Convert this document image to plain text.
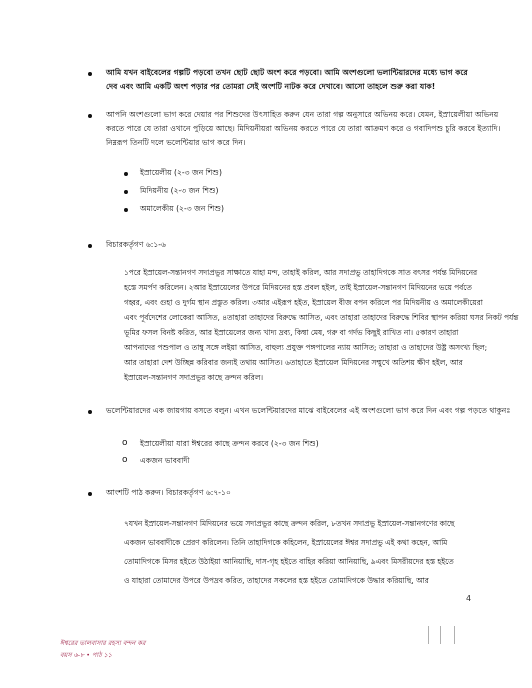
আমি যখন বাইবেলের গল্পটি পড়বো তখন ছোট ছোট অংশ করে পড়বো। আমি অংশগুলো ভলান্টিয়ারদের মধ্যে ভাগ করে
দেব এবং আমি একটি অংশ পড়ার পর তোমরা সেই অংশটি নাটক করে দেখাবে। আসো তাহলে শুরু করা যাক!
আপনি অংশগুলো ভাগ করে দেয়ার পর শিশুদের উৎসাহিত করুন যেন তারা গল্প অনুসারে অভিনয় করে। যেমন, ইস্রায়েলীয়া অভিনয়
করতে পারে যে তারা ওখানে পুড়িয়ে আছে। মিদিয়নীয়রা অভিনয় করতে পারে যে তারা আক্রমণ করে ও গবাদিপশু চুরি করবে ইত্যাদি।
নিম্নরূপ তিনটি দলে ভলেন্টিয়ার ভাগ করে দিন।
ইস্রায়েলীয় (২-৩ জন শিশু)
মিদিয়নীয় (২-৩ জন শিশু)
অমালেকীয় (২-৩ জন শিশু)
বিচারকর্তৃগণ ৬:১-৬
১পরে ইস্রায়েল-সন্তানগণ সদাপ্রভুর সাক্ষাতে যাহা মন্দ, তাহাই করিল, আর সদাপ্রভু তাহাদিগকে সাত বৎসর পর্যন্ত মিদিয়নের
হস্তে সমর্পণ করিলেন। ২আর ইস্রায়েলের উপরে মিদিয়নের হস্ত প্রবল হইল, তাই ইস্রায়েল-সন্তানগণ মিদিয়নের ভয়ে পর্বতে
গহ্বর, এবং গুহা ও দুর্গম স্থান প্রস্তুত করিল। ৩আর এইরূপ হইত, ইস্রায়েল বীজ বপন করিলে পর মিদিয়নীয় ও অমালেকীয়েরা
এবং পূর্বদেশের লোকেরা আসিত, ৪তাহারা তাহাদের বিরুদ্ধে আসিত, এবং তাহারা তাহাদের বিরুদ্ধে শিবির স্থাপন করিয়া ঘসর নিকট পর্যন্ত
ভূমির ফসল বিনষ্ট করিত, আর ইস্রায়েলের জন্য খাদ্য দ্রব্য, কিম্বা মেষ, গরু বা গর্দভ কিছুই রাখিত না। ৫কারণ তাহারা
আপনাদের পশুপাল ও তাম্বু সঙ্গে লইয়া আসিত, বাহুল্য প্রযুক্ত পঙ্গপালের ন্যায় আসিত; তাহারা ও তাহাদের উষ্ট্র অসংখ্য ছিল;
আর তাহারা দেশ উচ্ছিন্ন করিবার জন্যই তথায় আসিত। ৬তাহাতে ইস্রায়েল মিদিয়নের সম্মুখে অতিশয় ক্ষীণ হইল, আর
ইস্রায়েল-সন্তানগণ সদাপ্রভুর কাছে ক্রন্দন করিল।
ভলেন্টিয়ারদের এক জায়গায় বসতে বলুন। এখন ভলেন্টিয়ারদের মাঝে বাইবেলের এই অংশগুলো ভাগ করে দিন এবং গল্প পড়তে থাকুনঃ
o ইস্রায়েলীয়া যারা ঈশ্বরের কাছে ক্রন্দন করবে (২-৩ জন শিশু)
o একজন ভাববাদী
আংশটি পাঠ করুন। বিচারকর্তৃগণ ৬:৭-১০
৭যখন ইস্রায়েল-সন্তানগণ মিদিয়নের ভয়ে সদাপ্রভুর কাছে ক্রন্দন করিল, ৮তখন সদাপ্রভু ইস্রায়েল-সন্তানগণের কাছে
একজন ভাববাদীকে প্রেরণ করিলেন। তিনি তাহাদিগকে কহিলেন, ইস্রায়েলের ঈশ্বর সদাপ্রভু এই কথা কহেন, আমি
তোমাদিগকে মিসর হইতে উঠাইয়া আনিয়াছি, দাস-গৃহ হইতে বাহির করিয়া আনিয়াছি, ৯এবং মিসরীয়দের হস্ত হইতে
ও যাহারা তোমাদের উপরে উপদ্রব করিত, তাহাদের সকলের হস্ত হইতে তোমাদিগকে উদ্ধার করিয়াছি, আর
4
ঈশ্বরের ভালবাসার রহস্য বন্দন কর
বয়স ৬-৮ • পাঠ ১১
